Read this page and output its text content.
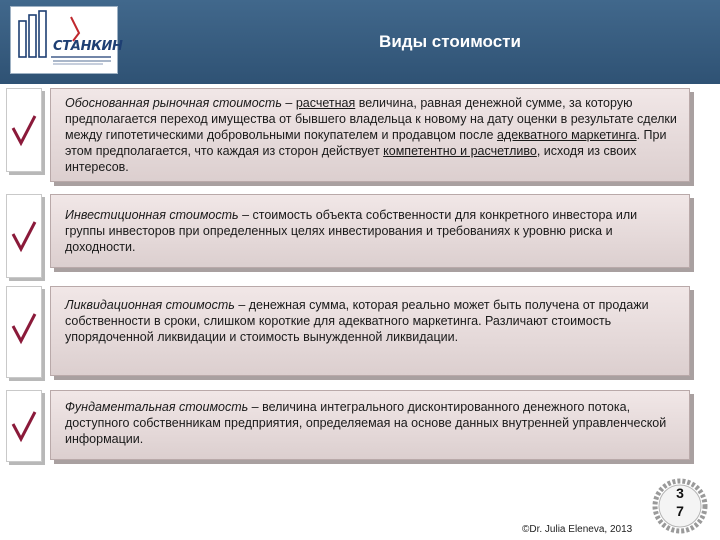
СТАНКИН	Виды стоимости
Обоснованная рыночная стоимость – расчетная величина, равная денежной сумме, за которую предполагается переход имущества от бывшего владельца к новому на дату оценки в результате сделки между гипотетическими добровольными покупателем и продавцом после адекватного маркетинга. При этом предполагается, что каждая из сторон действует компетентно и расчетливо, исходя из своих интересов.
Инвестиционная стоимость – стоимость объекта собственности для конкретного инвестора или группы инвесторов при определенных целях инвестирования и требованиях к уровню риска и доходности.
Ликвидационная стоимость – денежная сумма, которая реально может быть получена от продажи собственности в сроки, слишком короткие для адекватного маркетинга. Различают стоимость упорядоченной ликвидации и стоимость вынужденной ликвидации.
Фундаментальная стоимость – величина интегрального дисконтированного денежного потока, доступного собственникам предприятия, определяемая на основе данных внутренней управленческой информации.
3
7
©Dr. Julia Eleneva, 2013
